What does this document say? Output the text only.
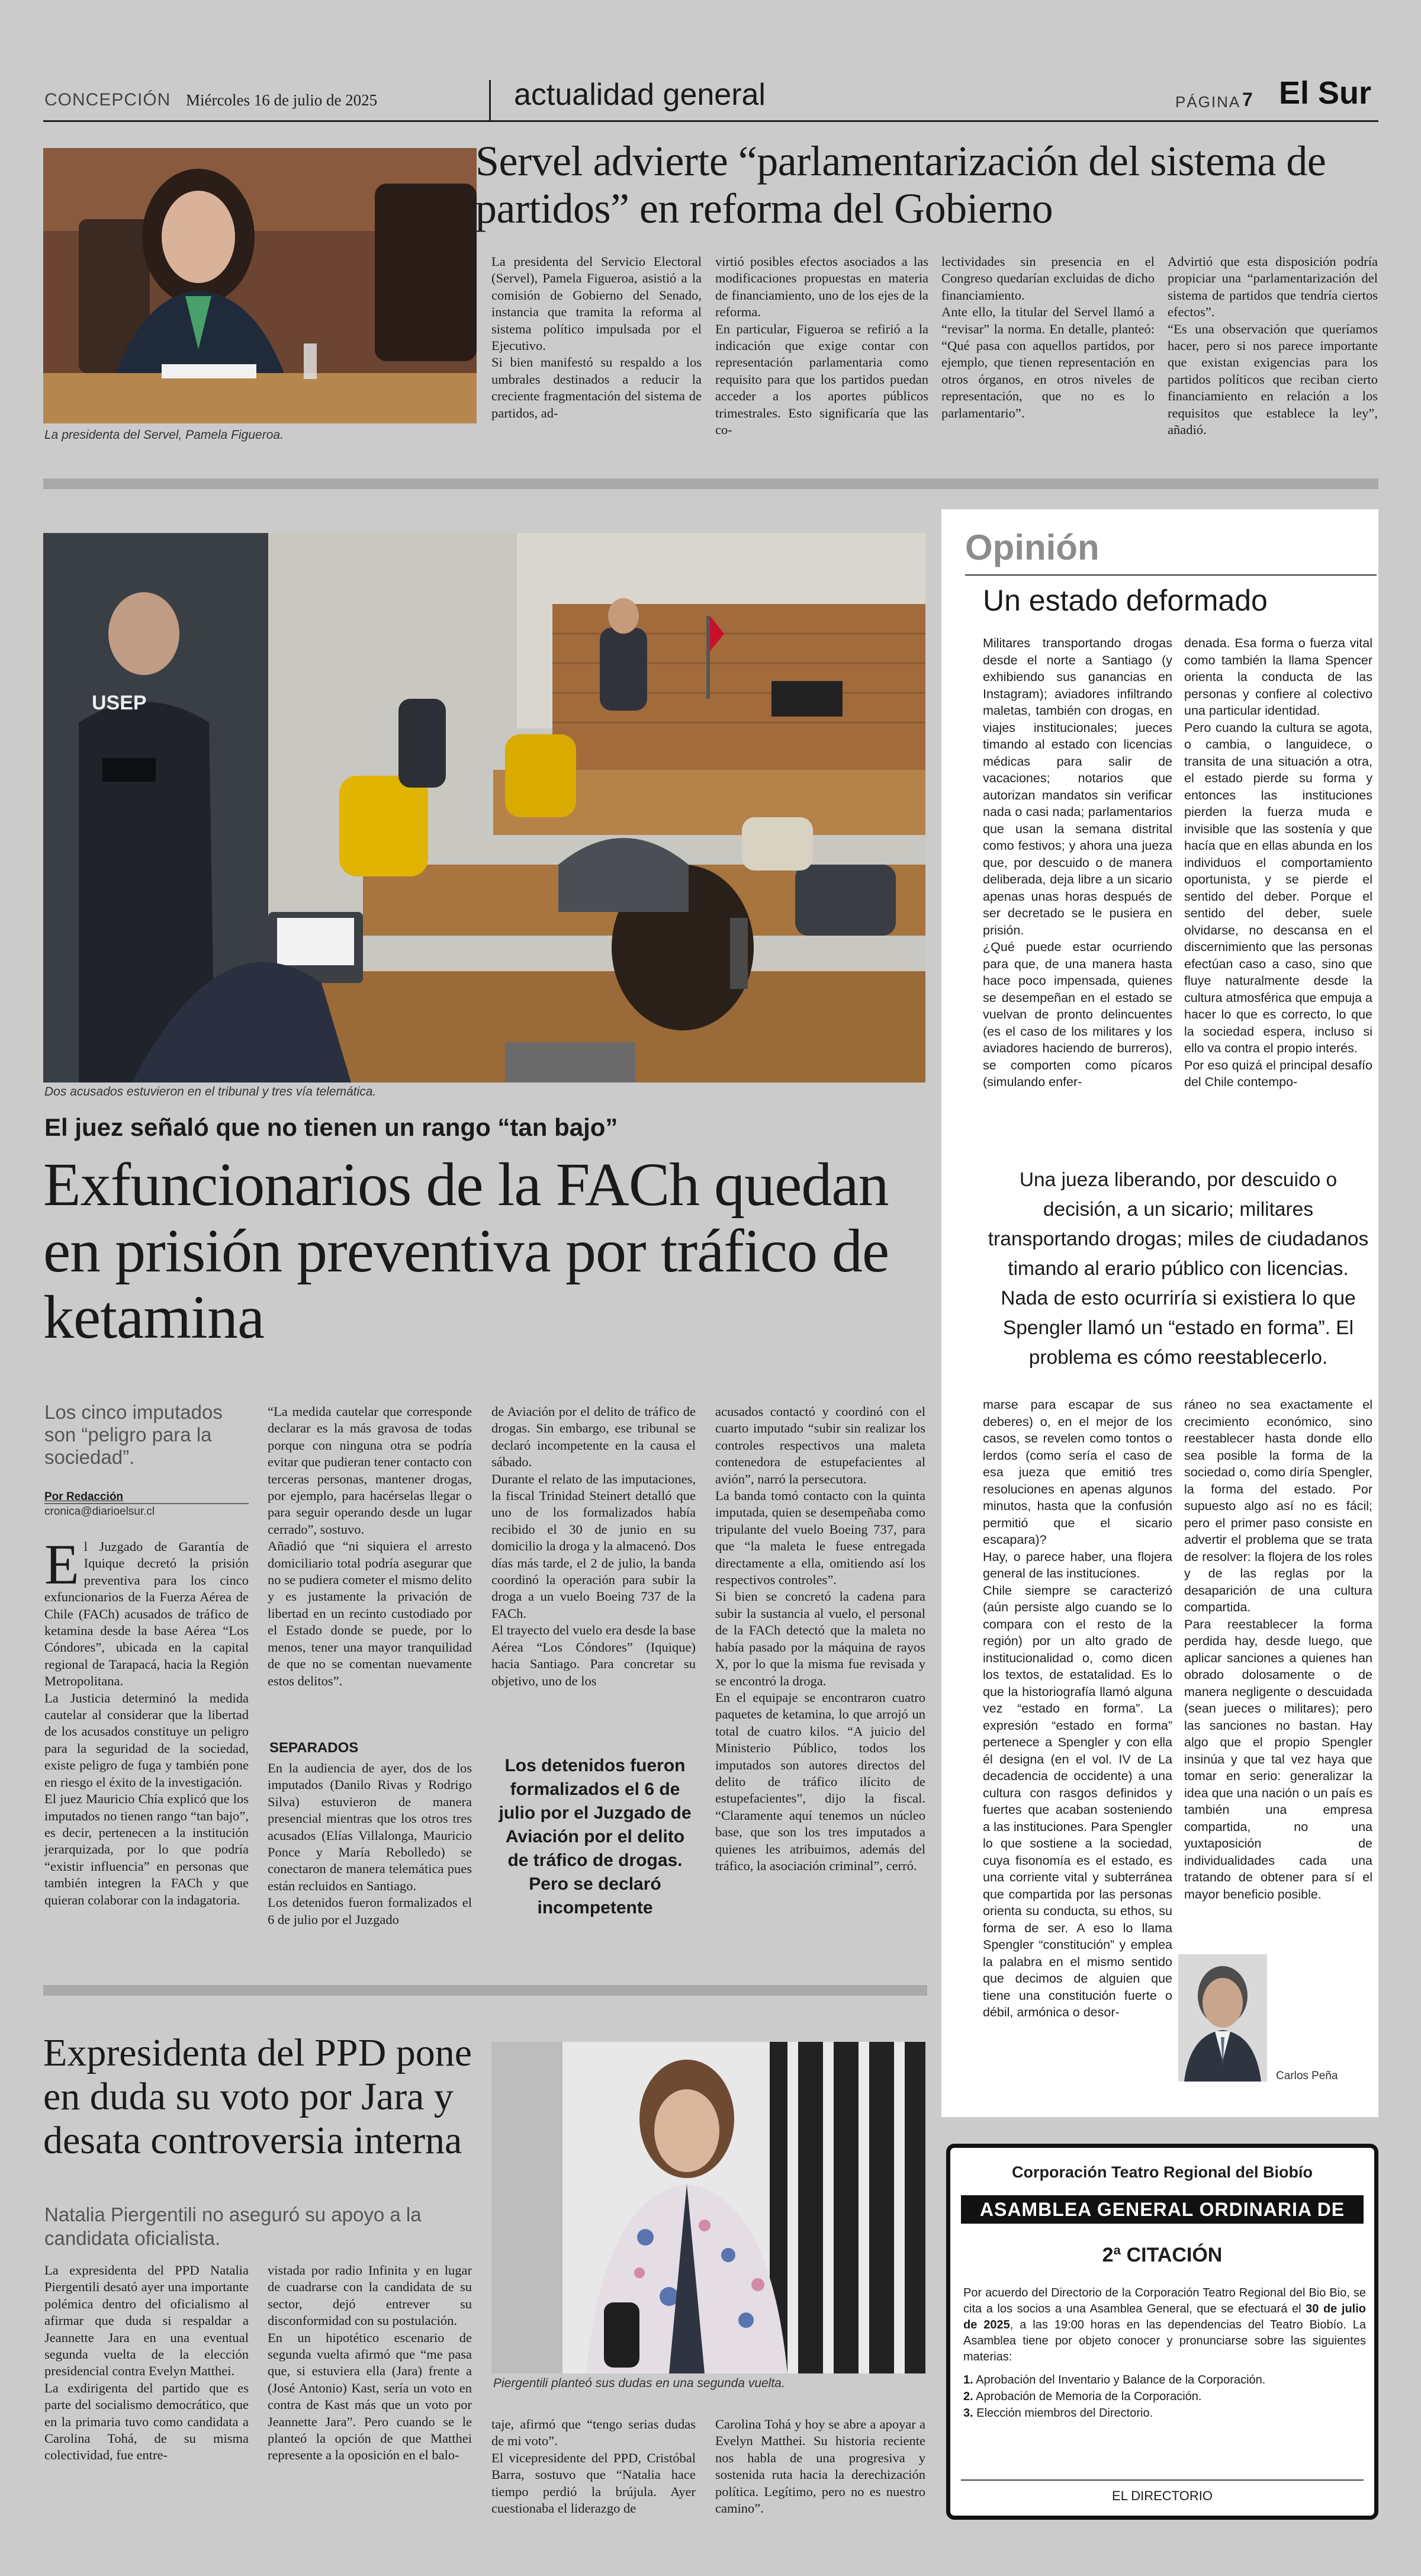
CONCEPCIÓN Miércoles 16 de julio de 2025	actualidad general	PÁGINA 7 El Sur
La presidenta del Servel, Pamela Figueroa.
Servel advierte “parlamentarización del sistema de partidos” en reforma del Gobierno
La presidenta del Servicio Electoral (Servel), Pamela Figueroa, asistió a la comisión de Gobierno del Senado, instancia que tramita la reforma al sistema político impulsada por el Ejecutivo.
Si bien manifestó su respaldo a los umbrales destinados a reducir la creciente fragmentación del sistema de partidos, ad-
virtió posibles efectos asociados a las modificaciones propuestas en materia de financiamiento, uno de los ejes de la reforma.
En particular, Figueroa se refirió a la indicación que exige contar con representación parlamentaria como requisito para que los partidos puedan acceder a los aportes públicos trimestrales. Esto significaría que las co-
lectividades sin presencia en el Congreso quedarían excluidas de dicho financiamiento.
Ante ello, la titular del Servel llamó a “revisar” la norma. En detalle, planteó: “Qué pasa con aquellos partidos, por ejemplo, que tienen representación en otros órganos, en otros niveles de representación, que no es lo parlamentario”.
Advirtió que esta disposición podría propiciar una “parlamentarización del sistema de partidos que tendría ciertos efectos”.
“Es una observación que queríamos hacer, pero si nos parece importante que existan exigencias para los partidos políticos que reciban cierto financiamiento en relación a los requisitos que establece la ley”, añadió.
USEP
Dos acusados estuvieron en el tribunal y tres vía telemática.
El juez señaló que no tienen un rango “tan bajo”
Exfuncionarios de la FACh quedan en prisión preventiva por tráfico de ketamina
Los cinco imputados son “peligro para la sociedad”.
Por Redacción
cronica@diarioelsur.cl
El Juzgado de Garantía de Iquique decretó la prisión preventiva para los cinco exfuncionarios de la Fuerza Aérea de Chile (FACh) acusados de tráfico de ketamina desde la base Aérea “Los Cóndores”, ubicada en la capital regional de Tarapacá, hacia la Región Metropolitana.
La Justicia determinó la medida cautelar al considerar que la libertad de los acusados constituye un peligro para la seguridad de la sociedad, existe peligro de fuga y también pone en riesgo el éxito de la investigación.
El juez Mauricio Chía explicó que los imputados no tienen rango “tan bajo”, es decir, pertenecen a la institución jerarquizada, por lo que podría “existir influencia” en personas que también integren la FACh y que quieran colaborar con la indagatoria.
“La medida cautelar que corresponde declarar es la más gravosa de todas porque con ninguna otra se podría evitar que pudieran tener contacto con terceras personas, mantener drogas, por ejemplo, para hacérselas llegar o para seguir operando desde un lugar cerrado”, sostuvo.
Añadió que “ni siquiera el arresto domiciliario total podría asegurar que no se pudiera cometer el mismo delito y es justamente la privación de libertad en un recinto custodiado por el Estado donde se puede, por lo menos, tener una mayor tranquilidad de que no se comentan nuevamente estos delitos”.
SEPARADOS
En la audiencia de ayer, dos de los imputados (Danilo Rivas y Rodrigo Silva) estuvieron de manera presencial mientras que los otros tres acusados (Elías Villalonga, Mauricio Ponce y María Rebolledo) se conectaron de manera telemática pues están recluidos en Santiago.
Los detenidos fueron formalizados el 6 de julio por el Juzgado
de Aviación por el delito de tráfico de drogas. Sin embargo, ese tribunal se declaró incompetente en la causa el sábado.
Durante el relato de las imputaciones, la fiscal Trinidad Steinert detalló que uno de los formalizados había recibido el 30 de junio en su domicilio la droga y la almacenó. Dos días más tarde, el 2 de julio, la banda coordinó la operación para subir la droga a un vuelo Boeing 737 de la FACh.
El trayecto del vuelo era desde la base Aérea “Los Cóndores” (Iquique) hacia Santiago. Para concretar su objetivo, uno de los
Los detenidos fueron formalizados el 6 de julio por el Juzgado de Aviación por el delito de tráfico de drogas. Pero se declaró incompetente
acusados contactó y coordinó con el cuarto imputado “subir sin realizar los controles respectivos una maleta contenedora de estupefacientes al avión”, narró la persecutora.
La banda tomó contacto con la quinta imputada, quien se desempeñaba como tripulante del vuelo Boeing 737, para que “la maleta le fuese entregada directamente a ella, omitiendo así los respectivos controles”.
Si bien se concretó la cadena para subir la sustancia al vuelo, el personal de la FACh detectó que la maleta no había pasado por la máquina de rayos X, por lo que la misma fue revisada y se encontró la droga.
En el equipaje se encontraron cuatro paquetes de ketamina, lo que arrojó un total de cuatro kilos. “A juicio del Ministerio Público, todos los imputados son autores directos del delito de tráfico ilícito de estupefacientes”, dijo la fiscal. “Claramente aquí tenemos un núcleo base, que son los tres imputados a quienes les atribuimos, además del tráfico, la asociación criminal”, cerró.
Expresidenta del PPD pone en duda su voto por Jara y desata controversia interna
Natalia Piergentili no aseguró su apoyo a la candidata oficialista.
Piergentili planteó sus dudas en una segunda vuelta.
La expresidenta del PPD Natalia Piergentili desató ayer una importante polémica dentro del oficialismo al afirmar que duda si respaldar a Jeannette Jara en una eventual segunda vuelta de la elección presidencial contra Evelyn Matthei.
La exdirigenta del partido que es parte del socialismo democrático, que en la primaria tuvo como candidata a Carolina Tohá, de su misma colectividad, fue entre-
vistada por radio Infinita y en lugar de cuadrarse con la candidata de su sector, dejó entrever su disconformidad con su postulación.
En un hipotético escenario de segunda vuelta afirmó que “me pasa que, si estuviera ella (Jara) frente a (José Antonio) Kast, sería un voto en contra de Kast más que un voto por Jeannette Jara”. Pero cuando se le planteó la opción de que Matthei represente a la oposición en el balo-
taje, afirmó que “tengo serias dudas de mi voto”.
El vicepresidente del PPD, Cristóbal Barra, sostuvo que “Natalia hace tiempo perdió la brújula. Ayer cuestionaba el liderazgo de
Carolina Tohá y hoy se abre a apoyar a Evelyn Matthei. Su historia reciente nos habla de una progresiva y sostenida ruta hacia la derechización política. Legítimo, pero no es nuestro camino”.
Opinión
Un estado deformado
Militares transportando drogas desde el norte a Santiago (y exhibiendo sus ganancias en Instagram); aviadores infiltrando maletas, también con drogas, en viajes institucionales; jueces timando al estado con licencias médicas para salir de vacaciones; notarios que autorizan mandatos sin verificar nada o casi nada; parlamentarios que usan la semana distrital como festivos; y ahora una jueza que, por descuido o de manera deliberada, deja libre a un sicario apenas unas horas después de ser decretado se le pusiera en prisión.
¿Qué puede estar ocurriendo para que, de una manera hasta hace poco impensada, quienes se desempeñan en el estado se vuelvan de pronto delincuentes (es el caso de los militares y los aviadores haciendo de burreros), se comporten como pícaros (simulando enfer-
denada. Esa forma o fuerza vital como también la llama Spencer orienta la conducta de las personas y confiere al colectivo una particular identidad.
Pero cuando la cultura se agota, o cambia, o languidece, o transita de una situación a otra, el estado pierde su forma y entonces las instituciones pierden la fuerza muda e invisible que las sostenía y que hacía que en ellas abunda en los individuos el comportamiento oportunista, y se pierde el sentido del deber. Porque el sentido del deber, suele olvidarse, no descansa en el discernimiento que las personas efectúan caso a caso, sino que fluye naturalmente desde la cultura atmosférica que empuja a hacer lo que es correcto, lo que la sociedad espera, incluso si ello va contra el propio interés.
Por eso quizá el principal desafío del Chile contempo-
Una jueza liberando, por descuido o decisión, a un sicario; militares transportando drogas; miles de ciudadanos timando al erario público con licencias. Nada de esto ocurriría si existiera lo que Spengler llamó un “estado en forma”. El problema es cómo reestablecerlo.
marse para escapar de sus deberes) o, en el mejor de los casos, se revelen como tontos o lerdos (como sería el caso de esa jueza que emitió tres resoluciones en apenas algunos minutos, hasta que la confusión permitió que el sicario escapara)?
Hay, o parece haber, una flojera general de las instituciones.
Chile siempre se caracterizó (aún persiste algo cuando se lo compara con el resto de la región) por un alto grado de institucionalidad o, como dicen los textos, de estatalidad. Es lo que la historiografía llamó alguna vez “estado en forma”. La expresión “estado en forma” pertenece a Spengler y con ella él designa (en el vol. IV de La decadencia de occidente) a una cultura con rasgos definidos y fuertes que acaban sosteniendo a las instituciones. Para Spengler lo que sostiene a la sociedad, cuya fisonomía es el estado, es una corriente vital y subterránea que compartida por las personas orienta su conducta, su ethos, su forma de ser. A eso lo llama Spengler “constitución” y emplea la palabra en el mismo sentido que decimos de alguien que tiene una constitución fuerte o débil, armónica o desor-
ráneo no sea exactamente el crecimiento económico, sino reestablecer hasta donde ello sea posible la forma de la sociedad o, como diría Spengler, la forma del estado. Por supuesto algo así no es fácil; pero el primer paso consiste en advertir el problema que se trata de resolver: la flojera de los roles y de las reglas por la desaparición de una cultura compartida.
Para reestablecer la forma perdida hay, desde luego, que aplicar sanciones a quienes han obrado dolosamente o de manera negligente o descuidada (sean jueces o militares); pero las sanciones no bastan. Hay algo que el propio Spengler insinúa y que tal vez haya que tomar en serio: generalizar la idea que una nación o un país es también una empresa compartida, no una yuxtaposición de individualidades cada una tratando de obtener para sí el mayor beneficio posible.
Carlos Peña
Corporación Teatro Regional del Biobío
ASAMBLEA GENERAL ORDINARIA DE SOCIOS
2ª CITACIÓN
Por acuerdo del Directorio de la Corporación Teatro Regional del Bio Bio, se cita a los socios a una Asamblea General, que se efectuará el 30 de julio de 2025, a las 19:00 horas en las dependencias del Teatro Biobío. La Asamblea tiene por objeto conocer y pronunciarse sobre las siguientes materias:
1. Aprobación del Inventario y Balance de la Corporación.
2. Aprobación de Memoria de la Corporación.
3. Elección miembros del Directorio.
EL DIRECTORIO
